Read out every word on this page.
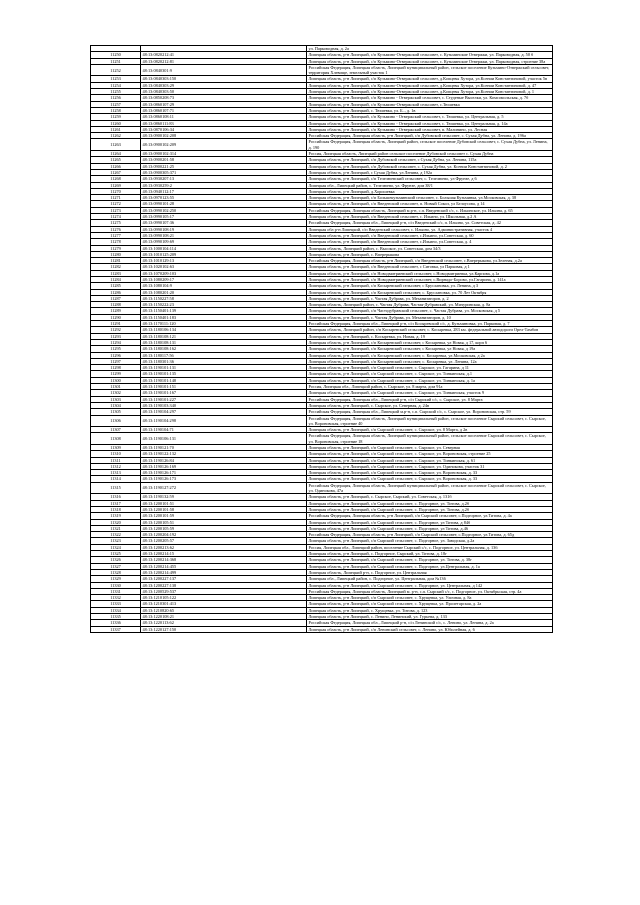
		ул. Парководная, д. 2а
11250	48:13:0820212:41	Липецкая область, р-н Липецкий, с/п Кузьмино-Отвержский сельсовет, с. Кузьминские Отвержки, ул. Парководная, д. 50 б
11251	48:13:0820212:81	Липецкая область, р-н Липецкий, с/п Кузьмино-Отвержский сельсовет, с. Кузьминские Отвержки, ул. Парководная, строение 38а
11252	48:13:0840301:9	Российская Федерация, Липецкая область, Липецкий муниципальный район, сельское поселение Кузьмино-Отвержский сельсовет, территория Хлевище, земельный участок 1
11253	48:13:0840303:150	Липецкая область, р-н Липецкий, с/п Кузьмино-Отвержский сельсовет, д.Копцевы Хутора, ул.Ксении Константиновой, участок 5в
11254	48:13:0840303:29	Липецкая область, р-н Липецкий, с/п Кузьмино-Отвержский сельсовет, д.Копцевы Хутора, ул.Ксении Константиновой, д. 47
11255	48:13:0840303:50	Липецкая область, р-н Липецкий, с/п Кузьмино-Отвержский сельсовет, д.Копцевы Хутора, ул.Ксении Константиновой, д. 1
11256	48:13:0850208:73	Липецкая область, р-н Липецкий, с/п Кузьмино - Отвержский сельсовет, с. Студеные Выселки, ул. Комсомольская, д. 7б
11257	48:13:0860107:29	Липецкая область, р-н Липецкий, с/п Кузьмино-Отвержский сельсовет, с.Тюшевка
11258	48:13:0860107:71	Липецкая область, р-н Липецкий, с. Тюшевка, ул. Б.., д. 1в
11259	48:13:0860108:11	Липецкая область, р-н Липецкий, с/п Кузьмино - Отвержский сельсовет, с. Тюшевка, ул. Центральная, д. 5
11260	48:13:0860111:83	Липецкая область, р-н Липецкий, с/п Кузьмино - Отвержский сельсовет, с. Тюшевка, ул. Центральная, д. 14а
11261	48:13:0870106:34	Липецкая область, р-н Липецкий, с/п Кузьмино - Отвержский сельсовет, п. Малинино, ул. Лесная
11262	48:13:0900102:208	Российская Федерация, Липецкая область, р-н Липецкий, с/п Дубовской сельсовет, с. Сухая Дубна, ул. Ленина, д. 196а
11263	48:13:0900102:209	Российская Федерация, Липецкая область, Липецкий район, сельское поселение Дубовской сельсовет, с. Сухая Дубна, ул. Ленина, д. 190
11264	48:13:0900102:314	Россия, Липецкая область, Липецкий район сельское поселение Дубовской сельсовет с. Сухая Дубна
11265	48:13:0900201:58	Липецкая область, р-н Липецкий, с/п Дубовской сельсовет, с Сухая Дубна, ул. Ленина, 115а
11266	48:13:0900221:25	Липецкая область, р-н Липецкий, с/п Дубовской сельсовет, с. Сухая Дубна, ул. Ксении Константиновой, д. 2
11267	48:13:0900305:371	Липецкая область, р-н Липецкий, с Сухая Дубна, ул Ленина, д 192а
11268	48:13:0930207:13	Липецкая область, р-н Липецкий, с/п Телелюевский сельсовет, с. Телелюево, ул Фрунзе, д 6
11269	48:13:0930259:2	Липецкая обл., Липецкий район, с. Телелюево, ул. Фрунзе, дом 38/1
11270	48:13:0940112:17	Липецкая область, р-н Липецкий, д.Хорошевка
11271	48:13:0970123:55	Липецкая область, р-н Липецкий, с/п Большекузьминский сельсовет, с. Большая Кузьминка, ул.Московская, д. 38
11272	48:13:0990101:28	Липецкая область, р-н Липецкий, с/п Введенский сельсовет, п. Новый Сокол, ул Белоусова, д 14
11273	48:13:0990102:250	Российская Федерация, Липецкая область, Липецкий м.р-н, с.п. Введенский с/с, с. Ильинское, ул. Ильина, д. 65
11274	48:13:0990105:17	Липецкая область, р-н Липецкий, с/п Введенский сельсовет, с. Ильино, ул. Школьная, д.2 А
11275	48:13:0990107:36	Российская Федерация, Липецкая обл., Липецкий р-н, с/п Введенский с/с, п. Ильино, ул. Советская, д. 42
11276	48:13:0990108:19	Липецкая обл р-н Липецкий, с/п Введенский сельсовет, с. Ильино, ул. Административная, участок 4
11277	48:13:0990108:21	Липецкая область, р-н Липецкий, с/п Введенский сельсовет, с.Ильино, ул.Советская, д. 60
11278	48:13:0990109:69	Липецкая область, р-н Липецкий, с/п Введенский сельсовет, с.Ильино, ул.Советская, д. 4
11279	48:13:1000104:114	Липецкая область, Липецкий район, с. Высокое, ул. Советская, дом 34/3
11280	48:13:1010125:209	Липецкая область, р-н Липецкий, с. Вперерыкова
11281	48:13:1010129:13	Российская Федерация, Липецкая область, р-н Липецкий, с/п Введенский сельсовет, с.Вперерыкова, ул.Зеленая, д.2а
11282	48:13:1020102:63	Липецкая область, р-н Липецкий, с/п Введенский сельсовет, с Ситовка, ул Парковая, д 1
11283	48:13:1070209:103	Липецкая область, р-н Липецкий, с/п Новодмитриевский сельсовет, с.Новодмитриевка, ул.Карпова, д.1а
11284	48:13:1080209:17	Липецкая область, р-н Липецкий, с/п Новодмитриевский сельсовет, с.Вирнадо-Борово, ул.Гагарина, д. 141а
11285	48:13:1080104:9	Липецкая область, р-н Липецкий, с/п Косыревский сельсовет, с Бруслановка, ул. Ленина, д 3
11286	48:13:1080201:20	Липецкая область, р-н Липецкий, с/п Косыревский сельсовет, с. Бруслановка, ул. 70 Лет Октября
11287	48:13:1150227:58	Липецкая область, р-н Липецкий, с. Частая Дубрава, ул. Механизаторов, д. 2
11288	48:13:1150222:23	Липецкая область, Липецкий район, с. Частая Дубрава, Частая-Дубравский, ул. Мичуринская, д. 8а
11289	48:13:1150401:139	Липецкая область, р-н Липецкий, с/п Частодубравский сельсовет, с. Частая Дубрава, ул. Московская, д 5
11290	48:13:1150401:183	Липецкая область, р-н Липецкий, с. Частая Дубрава, ул. Механизаторов, д. 10
11291	48:13:1170111:120	Российская Федерация, Липецкая обл., Липецкий р-н, с/п Косыревский с/с, д. Кузьминовка, ул. Парковая, д. 7
11292	48:13:1180106:134	Липецкая область, Липецкий район, с/п Косыревский сельсовет, с. Косыревка, 283 км. федеральной автодороги Орел-Тамбов
11293	48:13:1180108:121	Липецкая область, р-н Липецкий, с. Косыревка, ул. Новая, д. 19
11294	48:13:1180108:131	Липецкая область, р-н Липецкий, с/п Косыревский сельсовет, с Косыревка, ул Новая, д 17, корп 6
11295	48:13:1180108:162	Липецкая область, р-н Липецкий, с/п Косыревский сельсовет, с Косыревка, ул Новая, д 19а
11296	48:13:1180117:56	Липецкая область, р-н Липецкий, с/п Косыревский сельсовет, с. Косыревка, ул.Московская, д 2а
11297	48:13:1180301:36	Липецкая область, р-н Липецкий, с/п Косыревский сельсовет, с. Косыревка, ул. Ленина, 12а
11298	48:13:1190101:131	Липецкая область, р-н Липецкий, с/п Сырский сельсовет, с. Сырское, ул. Гагарина, д 11
11299	48:13:1190101:135	Липецкая область, р-н Липецкий, с/п Сырский сельсовет, с. Сырское, ул. Тинкинская, д.1
11300	48:13:1190101:148	Липецкая область, р-н Липецкий, с/п Сырский сельсовет, с. Сырское, ул. Тинкинская, д. 1а
11301	48:13:1190101:151	Россия, Липецкая обл., Липецкий район, с. Сырское, ул. 8 марта, дом 91а
11302	48:13:1190101:167	Липецкая область, р-н Липецкий, с/п Сырский сельсовет, с. Сырское, ул. Тинкинская, участок 9
11303	48:13:1190101:227	Российская Федерация, Липецкая обл., Липецкий р-н, с/п Сырский с/с, с. Сырское, ул. 8 Марта
11304	48:13:1190103:340	Липецкая область, р-н Липецкий, с. Сырское, ул. Северная, д. 24в
11305	48:13:1190104:297	Российская Федерация, Липецкая обл., Липецкий м.р-н, с.п. Сырский с/с, с. Сырское, ул. Вороновская, стр. 59
11306	48:13:1190104:298	Российская Федерация, Липецкая область, Липецкий муниципальный район, сельское поселение Сырский сельсовет, с. Сырское, ул. Вороновская, строение 40
11307	48:13:1190104:71	Липецкая область, р-н Липецкий, с/п Сырский сельсовет, с. Сырское, ул. 8 Марта, д 2в
11308	48:13:1190106:131	Российская Федерация, Липецкая область, Липецкий муниципальный район, сельское поселение Сырский сельсовет, с. Сырское, ул. Вороновская, строение 18
11309	48:13:1190121:70	Липецкая область, р-н Липецкий, с/п Сырский сельсовет, с. Сырское, ул. Северная
11310	48:13:1190122:132	Липецкая область, р-н Липецкий, с/п Сырский сельсовет, с. Сырское, ул. Вороновская, строение 25
11311	48:13:1190126:84	Липецкая область, р-н Липецкий, с/п Сырский сельсовет, с. Сырское, ул. Тинкинская, д. 61
11312	48:13:1190126:169	Липецкая область, р-н Липецкий, с/п Сырский сельсовет, с. Сырское, ул. Одинокова, участок 31
11313	48:13:1190126:171	Липецкая область, р-н Липецкий, с/п Сырский сельсовет, с. Сырское, ул. Вороновская, д. 33
11314	48:13:1190126:173	Липецкая область, р-н Липецкий, с/п Сырский сельсовет, с. Сырское, ул. Вороновская, д. 33
11315	48:13:1190127:272	Российская Федерация, Липецкая область, Липецкий муниципальный район, сельское поселение Сырский сельсовет, с. Сырское, ул. Одинокова, 47а
11316	48:13:1190132:59	Липецкая область, р-н Липецкий, с. Сырское, Сырский, ул. Советская, д. 131б
11317	48:13:1200101:51	Липецкая область, р-н Липецкий, с/п Сырский сельсовет, с. Подгорное, ул. Титова, д.2б
11318	48:13:1200101:58	Липецкая область, р-н Липецкий, с/п Сырский сельсовет, с. Подгорное, ул. Титова, д.2б
11319	48:13:1200101:59	Российская Федерация, Липецкая область, р-н Липецкий, с/п Сырский сельсовет, с.Подгорное, ул.Титова, д. 4а
11320	48:13:1200105:51	Липецкая область, р-н Липецкий, с/п Сырский сельсовет, с. Подгорное, ул Титова, д 84б
11321	48:13:1200105:59	Липецкая область, р-н Липецкий, с/п Сырский сельсовет, с. Подгорное, ул Титова, д.46
11322	48:13:1200204:192	Российская Федерация, Липецкая область, р-н Липецкий, с/п Сырский сельсовет, с.Подгорное, ул.Титова, д. 65д
11323	48:13:1200205:57	Липецкая область, р-н Липецкий, с/п Сырский сельсовет, с. Подгорное, ул. Заводская, д.2а
11324	48:13:1200213:62	Россия, Липецкая обл., Липецкий район, поселение Сырский с/с, с. Подгорное, ул. Центральная, д. 136
11325	48:13:1200214:15	Липецкая область, р-н Липецкий, с. Подгорное, Сырский, ул. Титова, д. 18г
11326	48:13:1200214:368	Липецкая область, р-н Липецкий, с/п Сырский сельсовет, с. Подгорное, ул. Титова, д. 38г
11327	48:13:1200214:455	Липецкая область, р-н Липецкий, с/п Сырский сельсовет, с. Подгорное, ул.Центральная, д. 1а
11328	48:13:1200214:499	Липецкая область, Липецкий р-н, с. Подгорное, ул. Центральная
11329	48:13:1200227:137	Липецкая обл., Липецкий район, с. Подгорное, ул. Центральная, дом №136
11330	48:13:1200227:138	Липецкая область, р-н Липецкий, с/п Сырский сельсовет, с. Подгорное, ул. Центральная, д 142
11331	48:13:1200529:537	Российская Федерация, Липецкая область, Липецкий м. р-н, с.п. Сырский с/с, с. Подгорное, ул. Октябрьская, стр. 4а
11332	48:13:1210105:122	Липецкая область, р-н Липецкий, с/п Сырский сельсовет, с. Хрущевка, ул. Уличная, д. 8а
11333	48:13:1210301:413	Липецкая область, р-н Липецкий, с/п Сырский сельсовет, с. Хрущевка, ул. Пролетарская, д. 2а
11334	48:13:1210820:65	Липецкая область, р-н Липецкий, с. Хрущевка, ул. Титова, д. 123
11335	48:13:1220108:21	Липецкая область, р-н Липецкий, с. Ленино, Ленинский, ул. Гурьева, д. 133
11336	48:13:1220113:62	Российская Федерация, Липецкая обл., Липецкий р-н, с/п Ленинский с/с, с. Ленино, ул. Ленина, д. 2а
11337	48:13:1220127:150	Липецкая область, р-н Липецкий, с/п Ленинский сельсовет, с. Ленино, ул. Юбилейная, д. 6
